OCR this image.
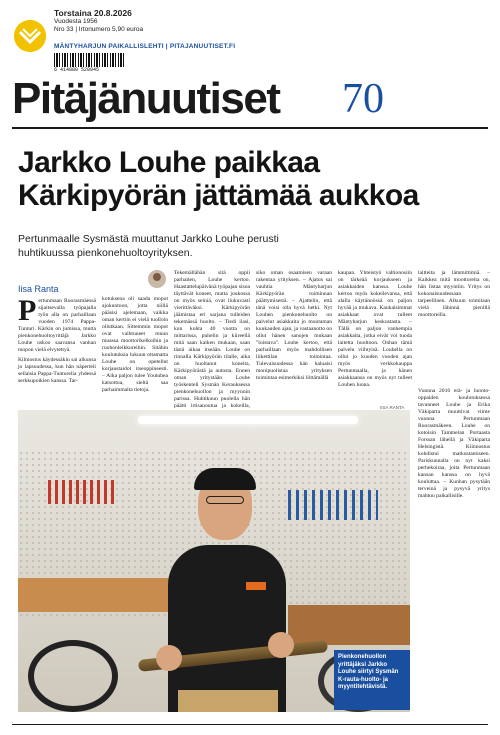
Torstaina 20.8.2026
Vuodesta 1956
Nro 33 | Irtonumero 5,90 euroa
MÄNTYHARJUN PAIKALLISLEHTI | PITAJANUUTISET.FI
6 414880 520945
Pitäjänuutiset 70
Jarkko Louhe paikkaa
Kärkipyörän jättämää aukkoa
Pertunmaalle Sysmästä muuttanut Jarkko Louhe perusti huhtikuussa pienkonehuoltoyrityksen.
Iisa Ranta

Pertunmaan Ruorasmäessä sijaitsevalla työpajalla työn alla on parhaillaan vuoden 1974 Pappa-Tunturi. Kärkin on jumissa, mutta pienkonehuoltoyrittäjä Jarkko Louhe uskoo saavansa vanhan mopon vielä elvytettyä.

Kilmostus käydessäkin sai alkunsa jo lapsuudessa, kun hän näperteli sellaisia Pappa-Tunturelia yhdessä serkkupoikien kanssa. Tar-

kotuksena oli saada mopot ajokuntoon, jotta niillä pääsisi ajelemaan, vaikka oman kertiin ei vielä tuolloin ollutkaan. Sittemmin mopot ovat vaihtuneet muun muassa moottorikelkoihin ja ruohonleikkureihin. Sitähin koulutuksia lukuun ottamatta Louhe on opetellut korjaustaidot itseoppineesti. – Aika paljon tulee Youtubea katsottua, sieltä saa parhaimmalta tietoja.
Tekemällähän sitä oppii parhaiten, Louhe kertoo. Haastattelupäivänä työpajan sisoa täyttävät koneet, mutta joukossa on myös seiniä, ovat liukuvasti vierittäväksi. Kärkipyörän jäämistaa eri sarjana tulleiden tekemässä huolto. – Tiedi ilasi, kun kohta 40 vuotta on mittarissa, puhelin ja kiireellä mitä saan kaiken mukaan, saan tästä aikaa itseään. Louhe on rinnalla Kärkipyörän tilalle, aika on huoltanut koneita, Kärkipyörästä ja autosta. Ennen oman yritystään Louhe työskenteli Sysmän Kerauksessa pienkonehuollon ja myynnin parissa. Huhtikuun puolella hän päätti irtisanoutua ja kokeilla,
siko oman osaamisen varaan rakentaa yrityksen. – Ajatus sai vauhtia Mäntyharjun Kärkipyörän toiminnan päättymisestä. – Ajattelin, että tänä voisi olla hyvä hetki. Nyt Louhen pienkonehuolto on palvelut asiakkaita jo muutaman kuukauden ajan, ja vastaanotto on ollut hänen sanojen mukaan "loistava". Louhe kertoo, että parhaillaan myös mahdollisen liikettilan toimintaa. Tulevaisuudessa hän haluaisi monipuolistaa yrityksen toimintaa esimerkiksi liittämällä
kaupan. Yhteistyö valtionosiin on tärkeää korjaukseen ja asiakkaiden kanssa. Louhe kertoo myös kokeilevansa, että alalla käytännössä on paljon hyvää ja mukava. Kaukaisimmat asiakkaat ovat tulleet Mäntyharjun keskustasta. – Tällä on paljon vanhempia asiakkaita, jotka eivät voi tuoda laitetta huoltoon. Onhan tämä palvelu viihtyisä. Louhella on ollut jo kuuden vuoden ajan myös verkkokauppa Pertunmaalla, ja hänen asiakkaansa on myös nyt tulleet Louhen luona.
laitteita ja lämmittimiä. – Kaikkea mitä moottoreita on, hän listaa myyntiin. Yritys on kokonaisuudessaan tarpeellinen. Alkuun toimitaan vielä lähinnä pienillä moottoreilla.
Vuonna 2016 erä- ja luonto-oppaiden koulutuksessa tavanneet Louhe ja Erika Väkiparta muuttivat viime vuonna Pertunmaan Ruorasmäkeen. Louhe on kotoisin Tammelan Portaasta Forssan lähellä ja Väkiparta Helsingistä. Kiinnostus kohdistui matkustamiseen. Pariskunnalla on nyt kaksi perhekoiraa, joita Pertunmaan kansan kanssa on hyvä kouluttaa. – Kunhan pysytään terveinä ja pysyvä yritys mahtuu paikallisille.
IISA RANTA
Pienkonehuollon yrittäjäksi Jarkko Louhe siirtyi Sysmän K-rauta-huolto- ja myyntitehtävistä.
